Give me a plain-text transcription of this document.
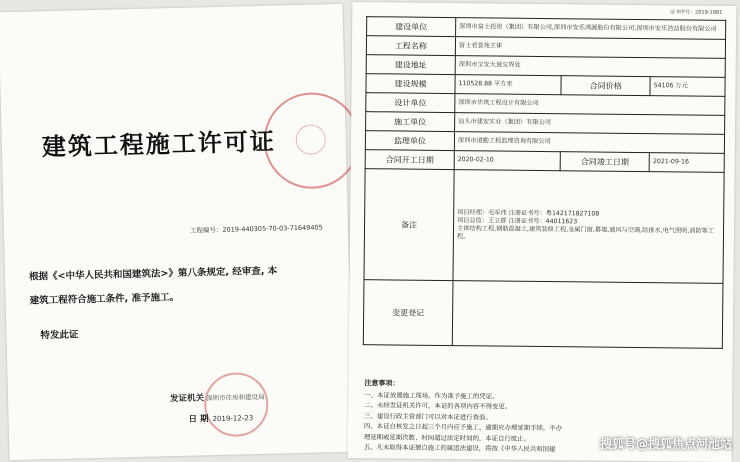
建筑工程施工许可证
工程编号：2019-440305-70-03-71649405
根据《<中华人民共和国建筑法>》第八条规定, 经审查, 本
建筑工程符合施工条件, 准予施工。
特发此证
发证机关 深圳市住房和建设局
日 期 2019-12-23
证书序号：2019-1981
建设单位	深圳市富士投资（集团）有限公司,深圳市安乐鸿源股份有限公司,深圳市安乐浩益股份有限公司		
工程名称	富士君荟苑主体		
建设地址	深圳市宝安大道交界处		
建设规模	110528.88 平方米	合同价格	54106 万元
设计单位	深圳市华筑工程设计有限公司		
施工单位	汕头市建安实业（集团）有限公司		
监理单位	深圳市道勤工程监理咨询有限公司		
合同开工日期	2020-02-10	合同竣工日期	2021-09-16
备注	项目经理：毛军伟 注册证书号：粤142171827108
项目总监：王立群 注册证书号：44011623
主体结构工程,钢筋混凝土,建筑装修工程,金属门窗,幕墙,通风与空调,给排水,电气照明,消防等工程。		

变更登记			
注意事项：
一、本证放置施工现场，作为准予施工的凭证。
二、未经发证机关许可，本证的各项内容不得变更。
三、建设行政主管部门可以对本证进行查验。
四、本证自核发之日起三个月内应予施工，逾期应办理延期手续，不办
理延期或延期次数、时间超过法定时间的，本证自行废止。
五、凡未取得本证擅自施工的属违法建设，将按《中华人民共和国建	搜狐号@搜狐焦点河池站
